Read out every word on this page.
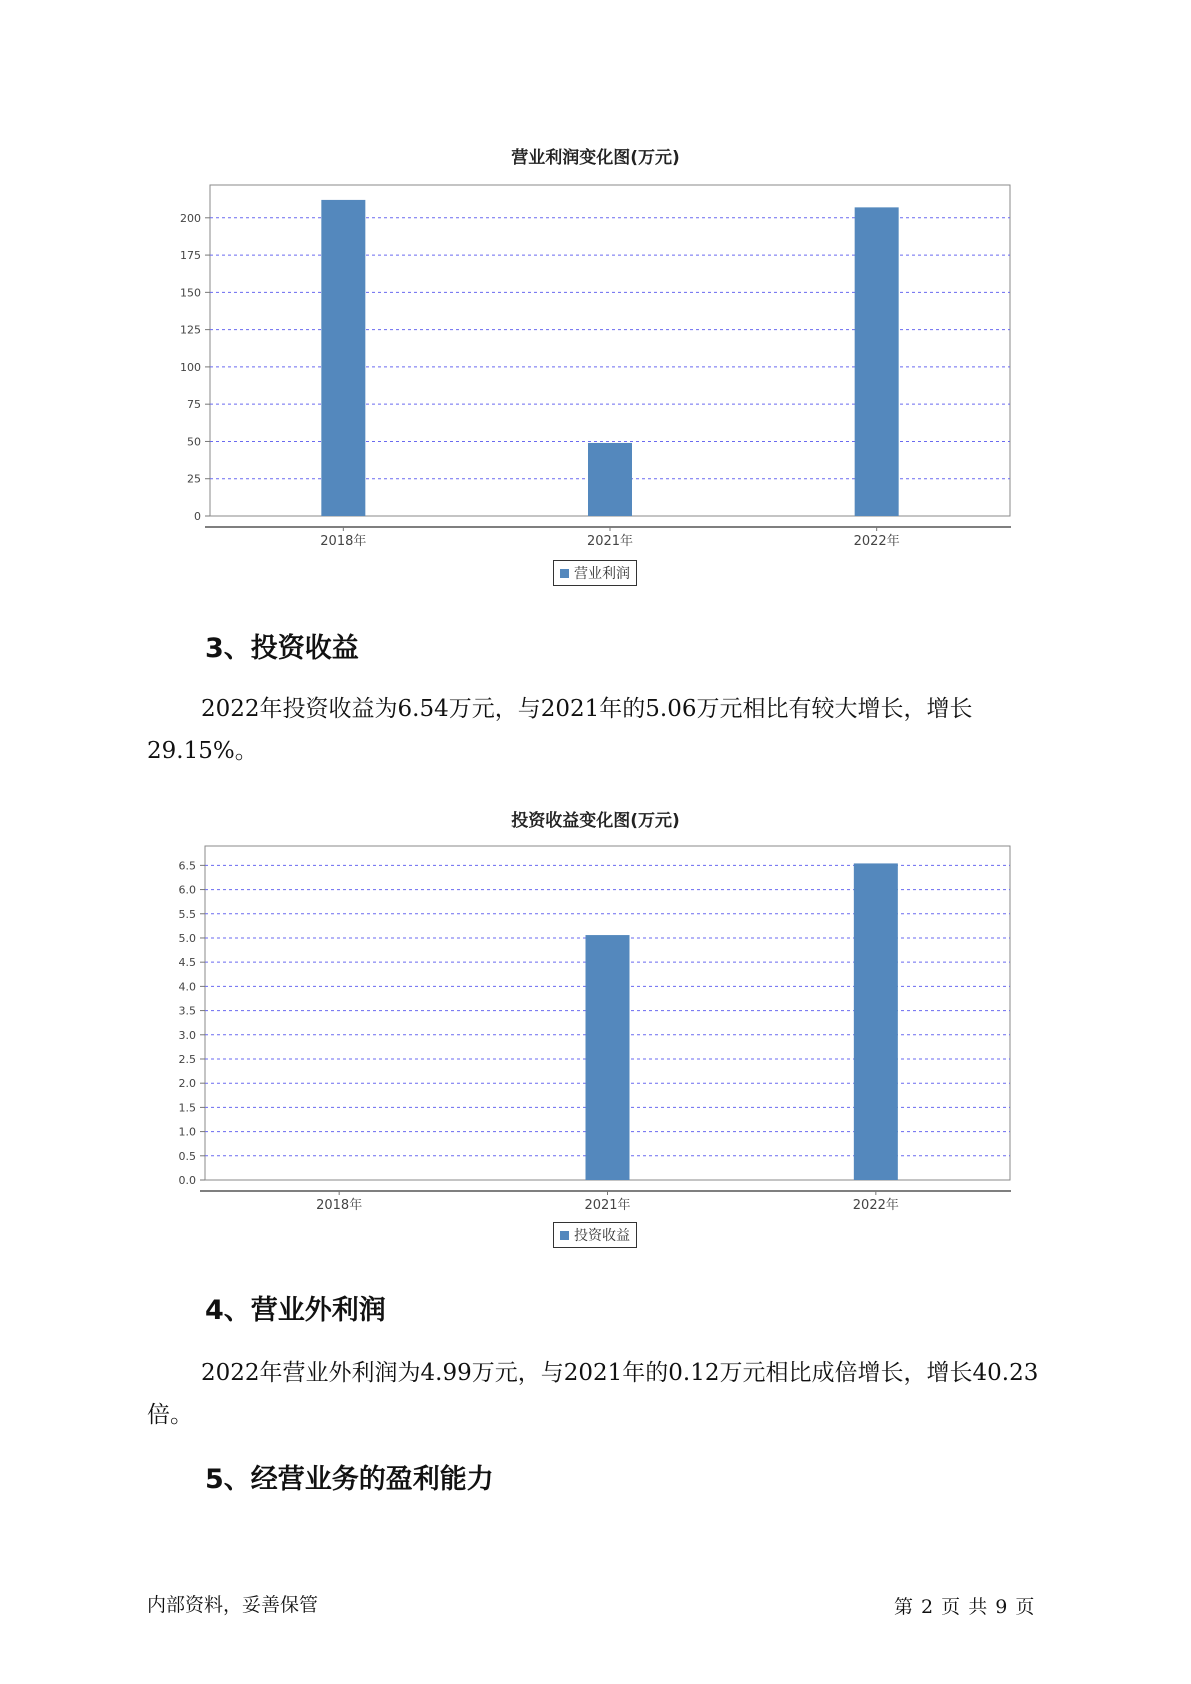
营业利润变化图(万元)
0
25
50
75
100
125
150
175
200
2018年	2021年	2022年
营业利润
3、投资收益
2022年投资收益为6.54万元，与2021年的5.06万元相比有较大增长，增长29.15%。
投资收益变化图(万元)
0.0
0.5
1.0
1.5
2.0
2.5
3.0
3.5
4.0
4.5
5.0
5.5
6.0
6.5
2018年	2021年	2022年
投资收益
4、营业外利润
2022年营业外利润为4.99万元，与2021年的0.12万元相比成倍增长，增长40.23倍。
5、经营业务的盈利能力
内部资料，妥善保管	第 2 页 共 9 页
